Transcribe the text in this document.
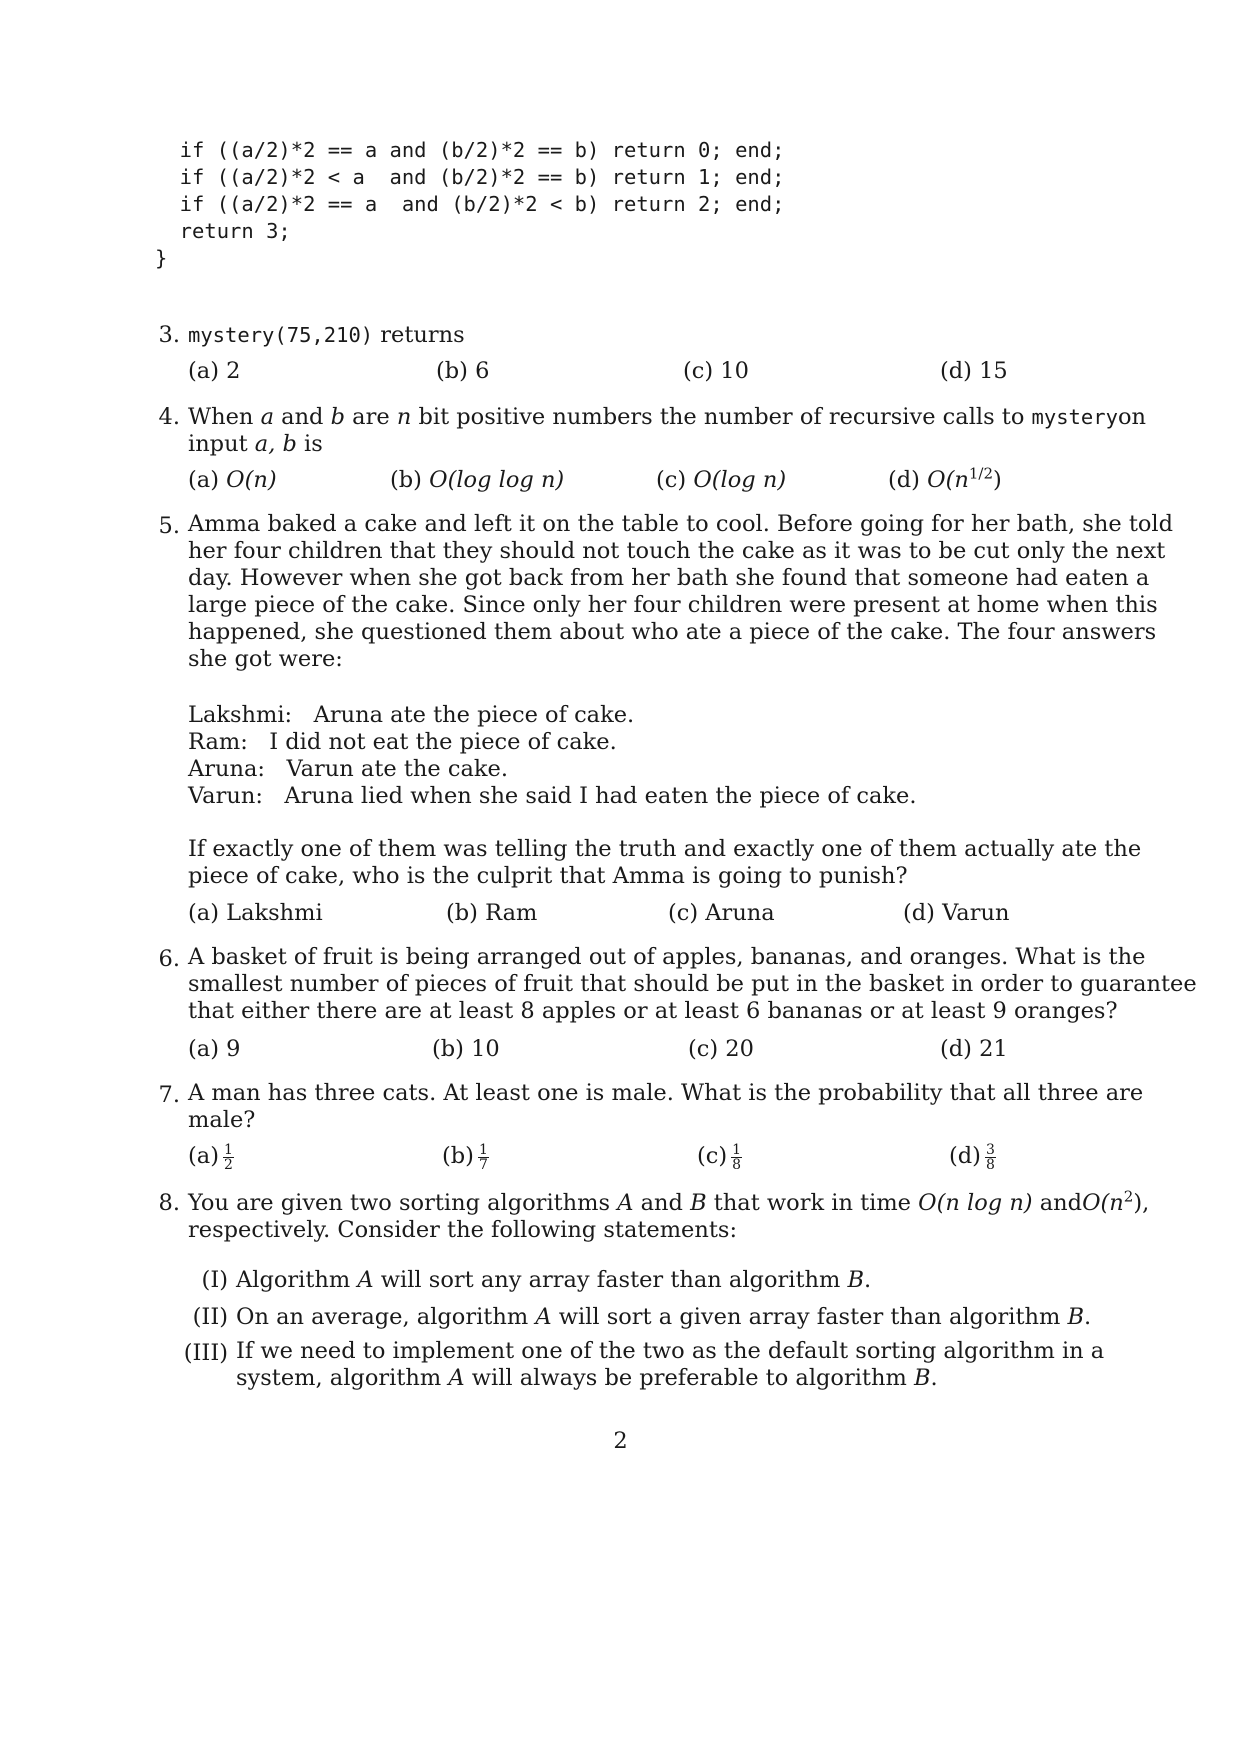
if ((a/2)*2 == a and (b/2)*2 == b) return 0; end;
if ((a/2)*2 < a  and (b/2)*2 == b) return 1; end;
if ((a/2)*2 == a  and (b/2)*2 < b) return 2; end;
return 3;
}
3. mystery(75,210) returns
(a) 2	(b) 6	(c) 10	(d) 15
4. When a and b are n bit positive numbers the number of recursive calls to mystery on
input a, b is
(a) O(n)	(b) O(log log n)	(c) O(log n)	(d) $O(n^{1/2})$
5. Amma baked a cake and left it on the table to cool. Before going for her bath, she told
her four children that they should not touch the cake as it was to be cut only the next
day. However when she got back from her bath she found that someone had eaten a
large piece of the cake. Since only her four children were present at home when this
happened, she questioned them about who ate a piece of the cake. The four answers
she got were:
Lakshmi:   Aruna ate the piece of cake.
Ram:   I did not eat the piece of cake.
Aruna:   Varun ate the cake.
Varun:   Aruna lied when she said I had eaten the piece of cake.
If exactly one of them was telling the truth and exactly one of them actually ate the
piece of cake, who is the culprit that Amma is going to punish?
(a) Lakshmi	(b) Ram	(c) Aruna	(d) Varun
6. A basket of fruit is being arranged out of apples, bananas, and oranges. What is the
smallest number of pieces of fruit that should be put in the basket in order to guarantee
that either there are at least 8 apples or at least 6 bananas or at least 9 oranges?
(a) 9	(b) 10	(c) 20	(d) 21
7. A man has three cats. At least one is male. What is the probability that all three are
male?
$(a) \frac{1}{2}$	$(b) \frac{1}{7}$	$(c) \frac{1}{8}$	$(d) \frac{3}{8}$
8. You are given two sorting algorithms A and B that work in time O(n log n) and $O(n^2)$,
respectively. Consider the following statements:
(I) Algorithm A will sort any array faster than algorithm B.
(II) On an average, algorithm A will sort a given array faster than algorithm B.
(III) If we need to implement one of the two as the default sorting algorithm in a
system, algorithm A will always be preferable to algorithm B.
2
